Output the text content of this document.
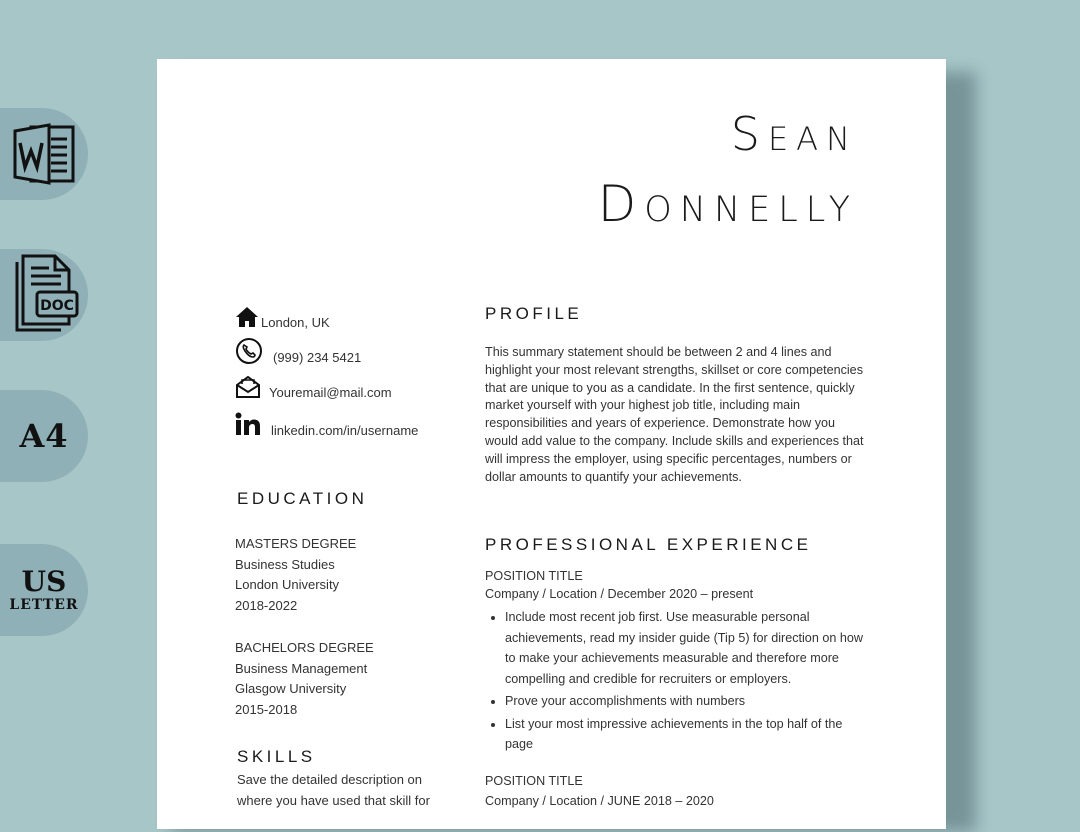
DOC
A4
US
LETTER
Sean
Donnelly
London, UK
(999) 234 5421
Youremail@mail.com
linkedin.com/in/username
EDUCATION
MASTERS DEGREE
Business Studies
London University
2018-2022
BACHELORS DEGREE
Business Management
Glasgow University
2015-2018
SKILLS
Save the detailed description on where you have used that skill for
PROFILE
This summary statement should be between 2 and 4 lines and highlight your most relevant strengths, skillset or core competencies that are unique to you as a candidate. In the first sentence, quickly market yourself with your highest job title, including main responsibilities and years of experience. Demonstrate how you would add value to the company. Include skills and experiences that will impress the employer, using specific percentages, numbers or dollar amounts to quantify your achievements.
PROFESSIONAL EXPERIENCE
POSITION TITLE
Company / Location / December 2020 – present
• Include most recent job first. Use measurable personal achievements, read my insider guide (Tip 5) for direction on how to make your achievements measurable and therefore more compelling and credible for recruiters or employers.
• Prove your accomplishments with numbers
• List your most impressive achievements in the top half of the page
POSITION TITLE
Company / Location / JUNE 2018 – 2020
